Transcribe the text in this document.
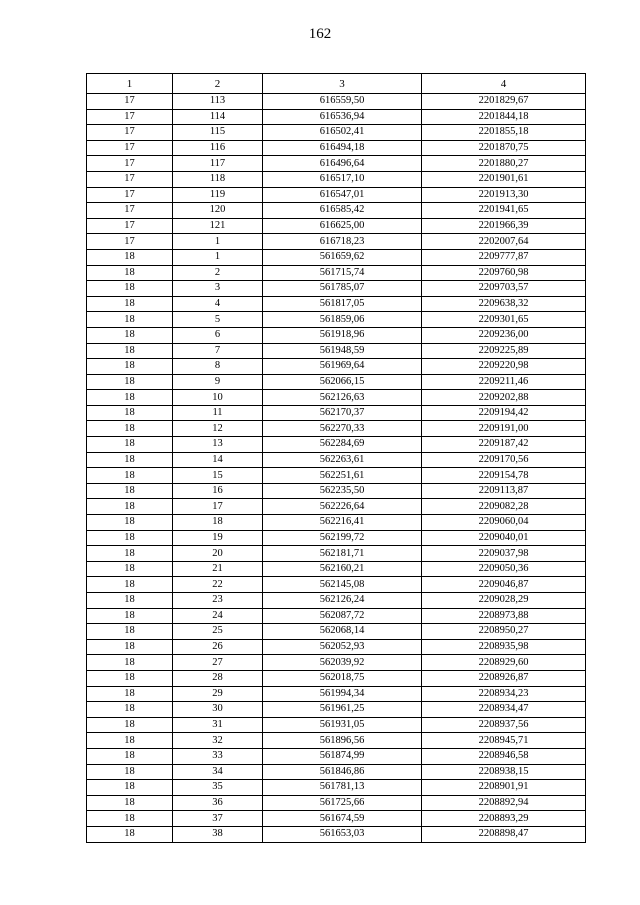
162
1	2	3	4
17	113	616559,50	2201829,67
17	114	616536,94	2201844,18
17	115	616502,41	2201855,18
17	116	616494,18	2201870,75
17	117	616496,64	2201880,27
17	118	616517,10	2201901,61
17	119	616547,01	2201913,30
17	120	616585,42	2201941,65
17	121	616625,00	2201966,39
17	1	616718,23	2202007,64
18	1	561659,62	2209777,87
18	2	561715,74	2209760,98
18	3	561785,07	2209703,57
18	4	561817,05	2209638,32
18	5	561859,06	2209301,65
18	6	561918,96	2209236,00
18	7	561948,59	2209225,89
18	8	561969,64	2209220,98
18	9	562066,15	2209211,46
18	10	562126,63	2209202,88
18	11	562170,37	2209194,42
18	12	562270,33	2209191,00
18	13	562284,69	2209187,42
18	14	562263,61	2209170,56
18	15	562251,61	2209154,78
18	16	562235,50	2209113,87
18	17	562226,64	2209082,28
18	18	562216,41	2209060,04
18	19	562199,72	2209040,01
18	20	562181,71	2209037,98
18	21	562160,21	2209050,36
18	22	562145,08	2209046,87
18	23	562126,24	2209028,29
18	24	562087,72	2208973,88
18	25	562068,14	2208950,27
18	26	562052,93	2208935,98
18	27	562039,92	2208929,60
18	28	562018,75	2208926,87
18	29	561994,34	2208934,23
18	30	561961,25	2208934,47
18	31	561931,05	2208937,56
18	32	561896,56	2208945,71
18	33	561874,99	2208946,58
18	34	561846,86	2208938,15
18	35	561781,13	2208901,91
18	36	561725,66	2208892,94
18	37	561674,59	2208893,29
18	38	561653,03	2208898,47
